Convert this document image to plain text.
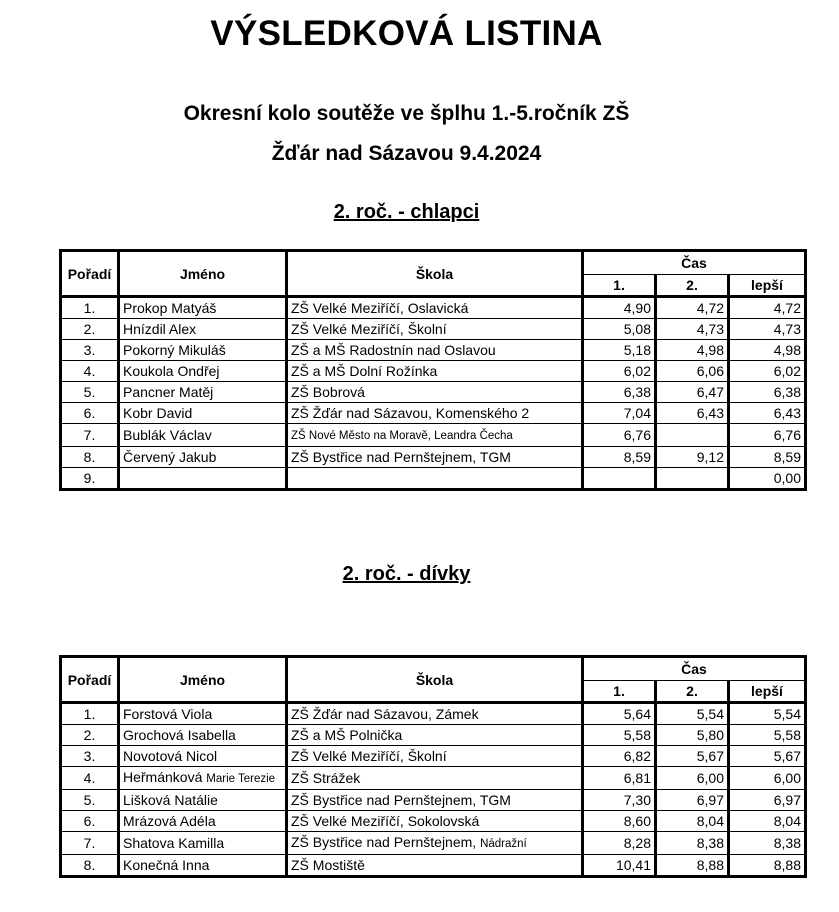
VÝSLEDKOVÁ LISTINA
Okresní kolo soutěže ve šplhu 1.-5.ročník ZŠ
Žďár nad Sázavou 9.4.2024
2. roč. - chlapci
Pořadí	Jméno	Škola	Čas		
			1.	2.	lepší
1.	Prokop Matyáš	ZŠ Velké Meziříčí, Oslavická	4,90	4,72	4,72
2.	Hnízdil Alex	ZŠ Velké Meziříčí, Školní	5,08	4,73	4,73
3.	Pokorný Mikuláš	ZŠ a MŠ Radostnín nad Oslavou	5,18	4,98	4,98
4.	Koukola Ondřej	ZŠ a MŠ Dolní Rožínka	6,02	6,06	6,02
5.	Pancner Matěj	ZŠ Bobrová	6,38	6,47	6,38
6.	Kobr David	ZŠ Žďár nad Sázavou, Komenského 2	7,04	6,43	6,43
7.	Bublák Václav	ZŠ Nové Město na Moravě, Leandra Čecha	6,76		6,76
8.	Červený Jakub	ZŠ Bystřice nad Pernštejnem, TGM	8,59	9,12	8,59
9.					0,00
2. roč. - dívky
Pořadí	Jméno	Škola	Čas		
			1.	2.	lepší
1.	Forstová Viola	ZŠ Žďár nad Sázavou, Zámek	5,64	5,54	5,54
2.	Grochová Isabella	ZŠ a MŠ Polnička	5,58	5,80	5,58
3.	Novotová Nicol	ZŠ Velké Meziříčí, Školní	6,82	5,67	5,67
4.	Heřmánková Marie Terezie	ZŠ Strážek	6,81	6,00	6,00
5.	Lišková Natálie	ZŠ Bystřice nad Pernštejnem, TGM	7,30	6,97	6,97
6.	Mrázová Adéla	ZŠ Velké Meziříčí, Sokolovská	8,60	8,04	8,04
7.	Shatova Kamilla	ZŠ Bystřice nad Pernštejnem, Nádražní	8,28	8,38	8,38
8.	Konečná Inna	ZŠ Mostiště	10,41	8,88	8,88
